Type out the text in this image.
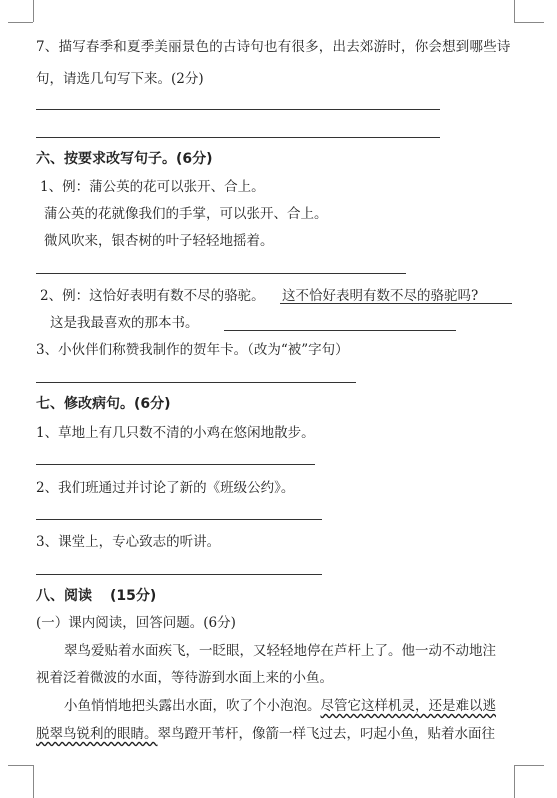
7、描写春季和夏季美丽景色的古诗句也有很多，出去郊游时，你会想到哪些诗
句，请选几句写下来。(2分)
六、按要求改写句子。(6分)
1、例：蒲公英的花可以张开、合上。
蒲公英的花就像我们的手掌，可以张开、合上。
微风吹来，银杏树的叶子轻轻地摇着。
2、例：这恰好表明有数不尽的骆驼。 这不恰好表明有数不尽的骆驼吗?
这是我最喜欢的那本书。
3、小伙伴们称赞我制作的贺年卡。（改为“被”字句）
七、修改病句。(6分)
1、草地上有几只数不清的小鸡在悠闲地散步。
2、我们班通过并讨论了新的《班级公约》。
3、课堂上，专心致志的听讲。
八、阅读 (15分)
(一）课内阅读，回答问题。(6分)
翠鸟爱贴着水面疾飞，一眨眼，又轻轻地停在芦杆上了。他一动不动地注
视着泛着微波的水面，等待游到水面上来的小鱼。
小鱼悄悄地把头露出水面，吹了个小泡泡。尽管它这样机灵，还是难以逃
脱翠鸟锐利的眼睛。翠鸟蹬开苇杆，像箭一样飞过去，叼起小鱼，贴着水面往
